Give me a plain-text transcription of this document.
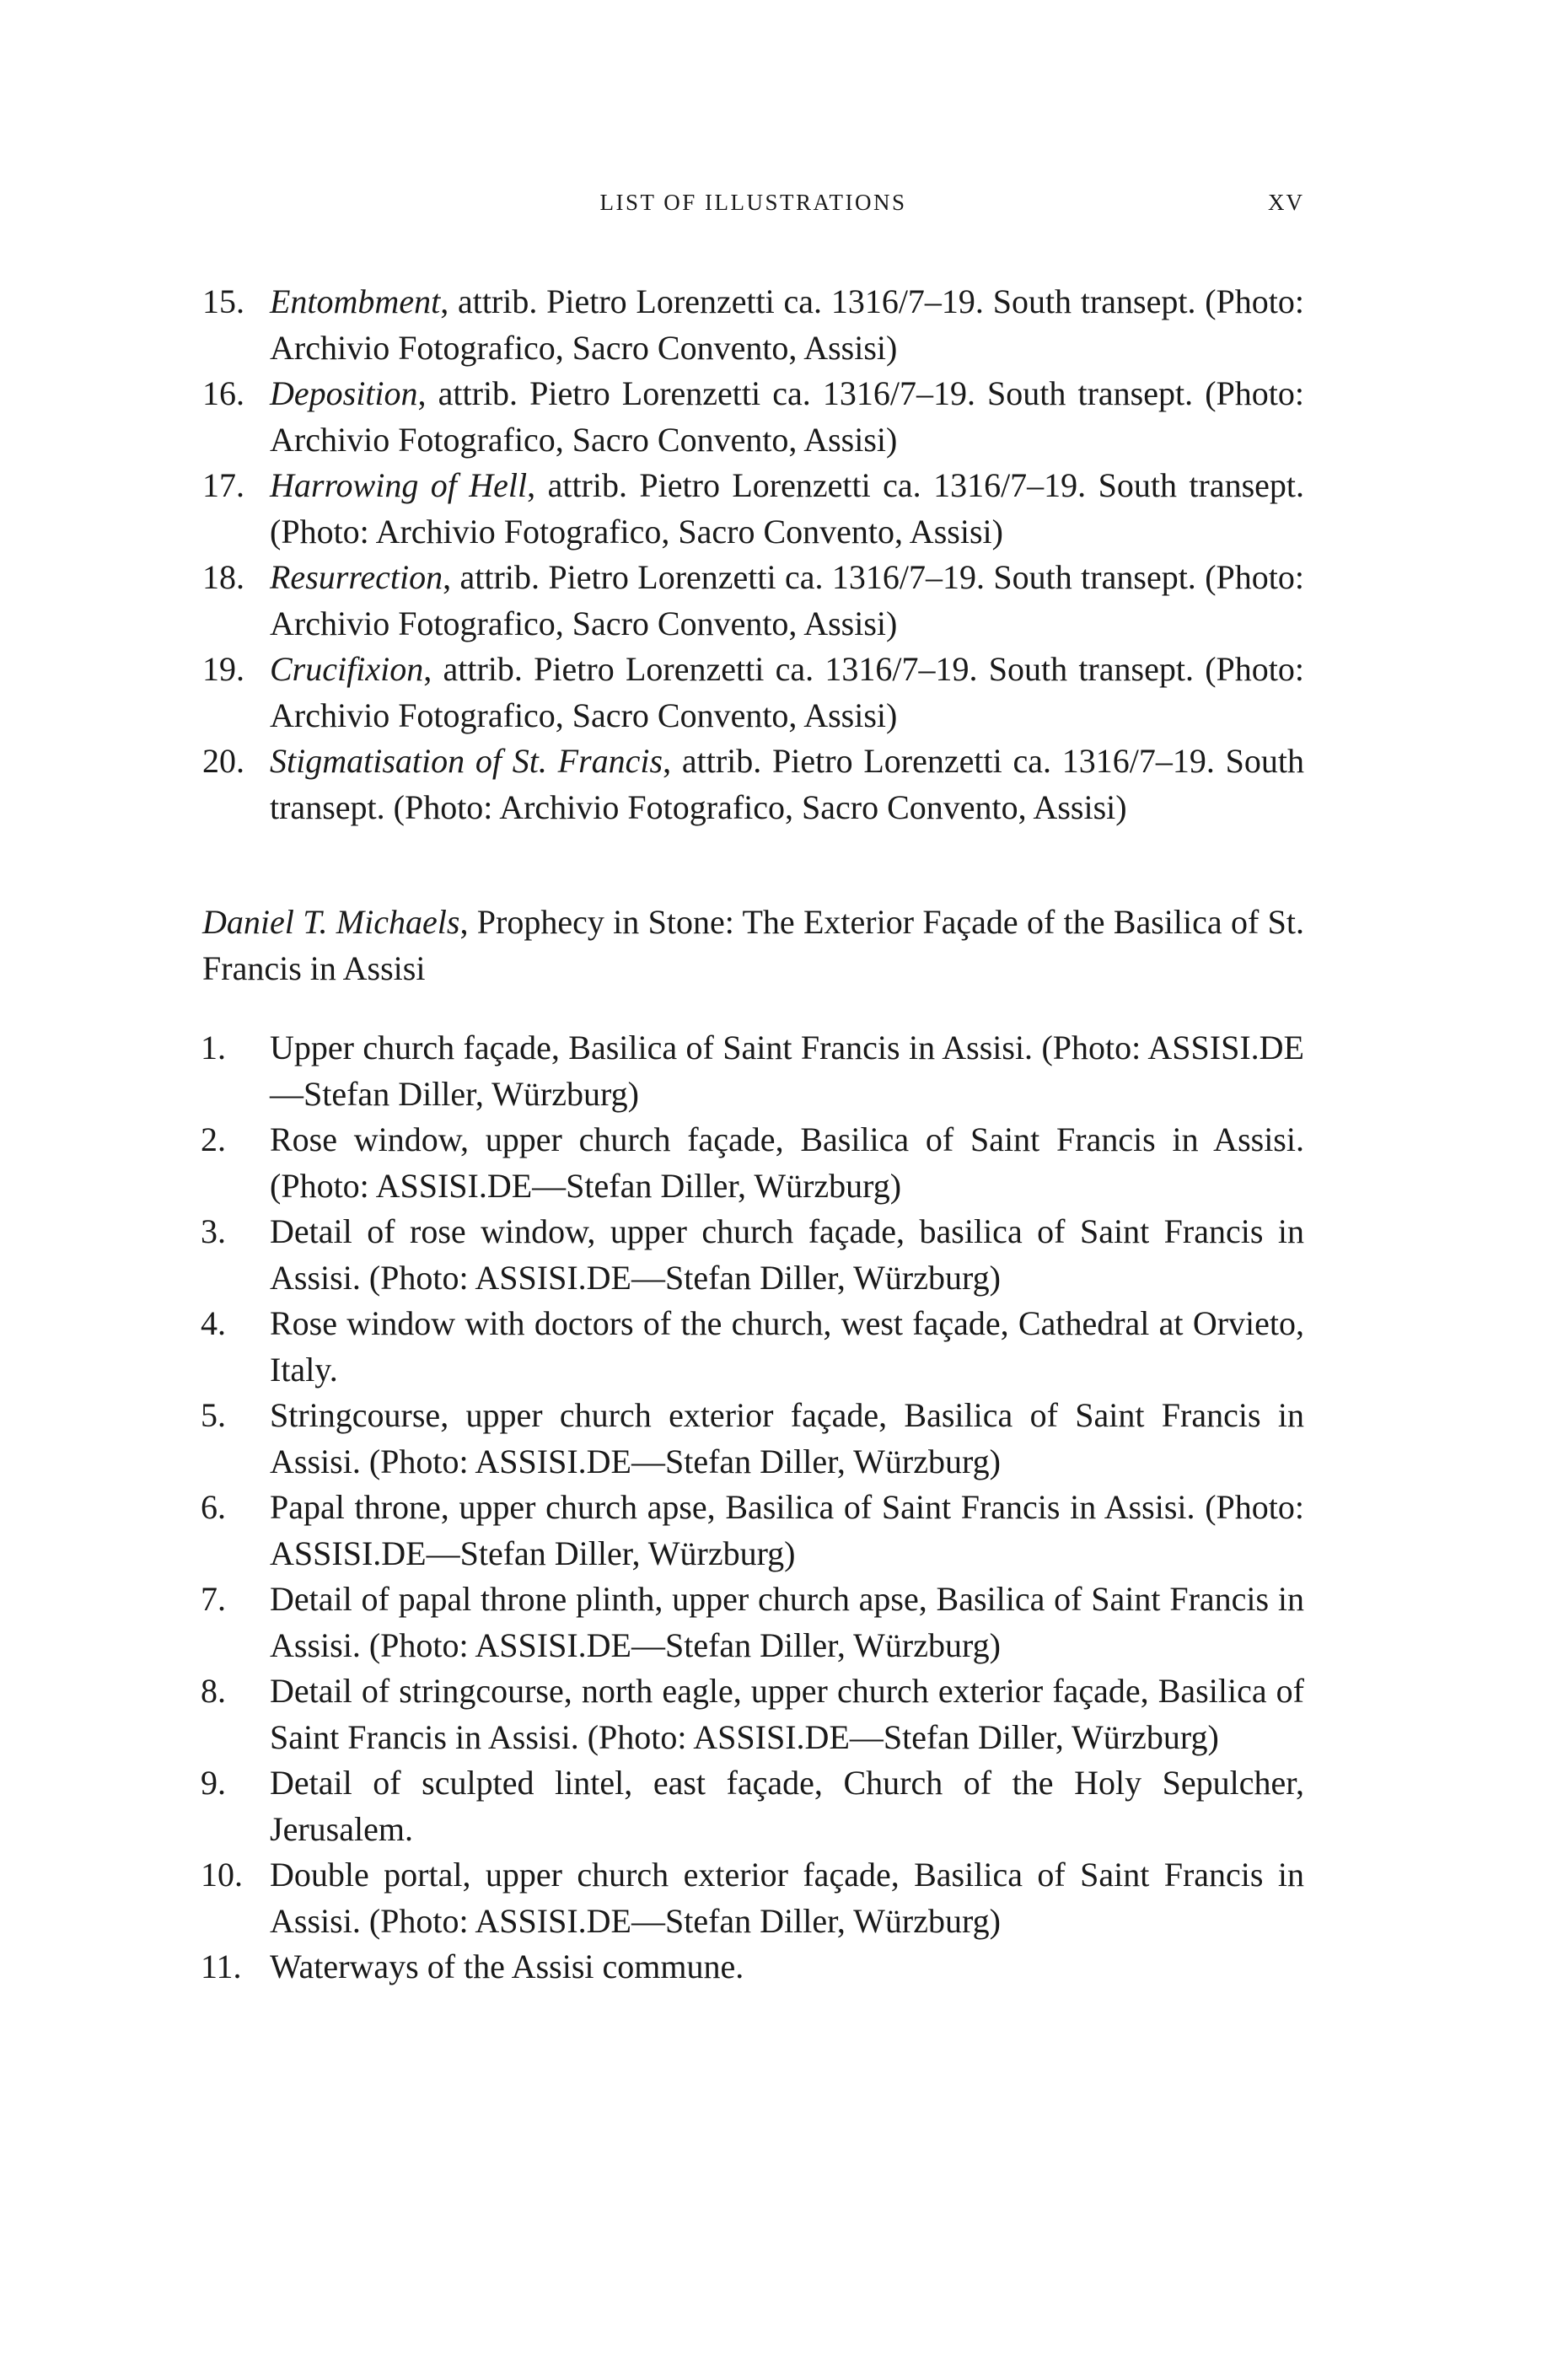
LIST OF ILLUSTRATIONS	XV
15. Entombment, attrib. Pietro Lorenzetti ca. 1316/7–19. South transept. (Photo: Archivio Fotografico, Sacro Convento, Assisi)
16. Deposition, attrib. Pietro Lorenzetti ca. 1316/7–19. South transept. (Photo: Archivio Fotografico, Sacro Convento, Assisi)
17. Harrowing of Hell, attrib. Pietro Lorenzetti ca. 1316/7–19. South transept. (Photo: Archivio Fotografico, Sacro Convento, Assisi)
18. Resurrection, attrib. Pietro Lorenzetti ca. 1316/7–19. South transept. (Photo: Archivio Fotografico, Sacro Convento, Assisi)
19. Crucifixion, attrib. Pietro Lorenzetti ca. 1316/7–19. South transept. (Photo: Archivio Fotografico, Sacro Convento, Assisi)
20. Stigmatisation of St. Francis, attrib. Pietro Lorenzetti ca. 1316/7–19. South transept. (Photo: Archivio Fotografico, Sacro Convento, Assisi)

Daniel T. Michaels, Prophecy in Stone: The Exterior Façade of the Basilica of St. Francis in Assisi

1.	Upper church façade, Basilica of Saint Francis in Assisi. (Photo: ASSISI.DE—Stefan Diller, Würzburg)
2.	Rose window, upper church façade, Basilica of Saint Francis in Assisi. (Photo: ASSISI.DE—Stefan Diller, Würzburg)
3.	Detail of rose window, upper church façade, basilica of Saint Francis in Assisi. (Photo: ASSISI.DE—Stefan Diller, Würzburg)
4.	Rose window with doctors of the church, west façade, Cathedral at Orvieto, Italy.
5.	Stringcourse, upper church exterior façade, Basilica of Saint Francis in Assisi. (Photo: ASSISI.DE—Stefan Diller, Würzburg)
6.	Papal throne, upper church apse, Basilica of Saint Francis in Assisi. (Photo: ASSISI.DE—Stefan Diller, Würzburg)
7.	Detail of papal throne plinth, upper church apse, Basilica of Saint Francis in Assisi. (Photo: ASSISI.DE—Stefan Diller, Würzburg)
8.	Detail of stringcourse, north eagle, upper church exterior façade, Basilica of Saint Francis in Assisi. (Photo: ASSISI.DE—Stefan Diller, Würzburg)
9.	Detail of sculpted lintel, east façade, Church of the Holy Sepulcher, Jerusalem.
10. Double portal, upper church exterior façade, Basilica of Saint Francis in Assisi. (Photo: ASSISI.DE—Stefan Diller, Würzburg)
11. Waterways of the Assisi commune.
